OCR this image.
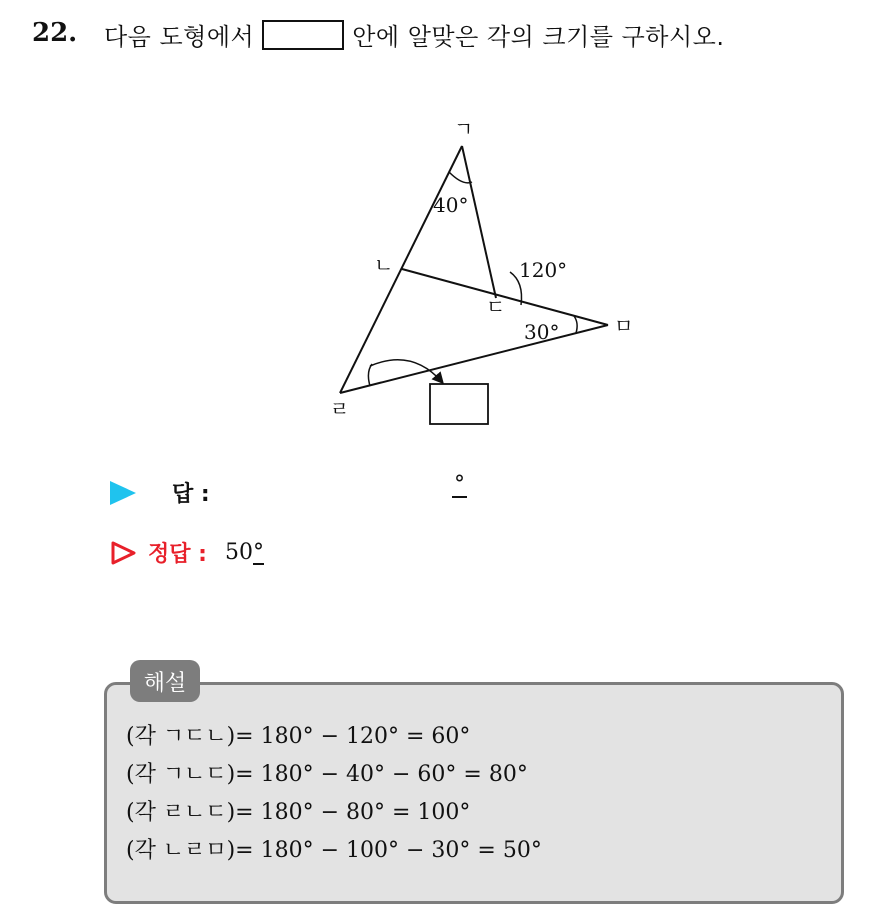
22. 다음 도형에서	안에 알맞은 각의 크기를 구하시오.
ㄱ
ㄴ
ㄷ
ㄹ
ㅁ
40°
120°
30°
답 :	°
정답 : 50°
해설
(각 ㄱㄷㄴ)= 180° − 120° = 60°
(각 ㄱㄴㄷ)= 180° − 40° − 60° = 80°
(각 ㄹㄴㄷ)= 180° − 80° = 100°
(각 ㄴㄹㅁ)= 180° − 100° − 30° = 50°
